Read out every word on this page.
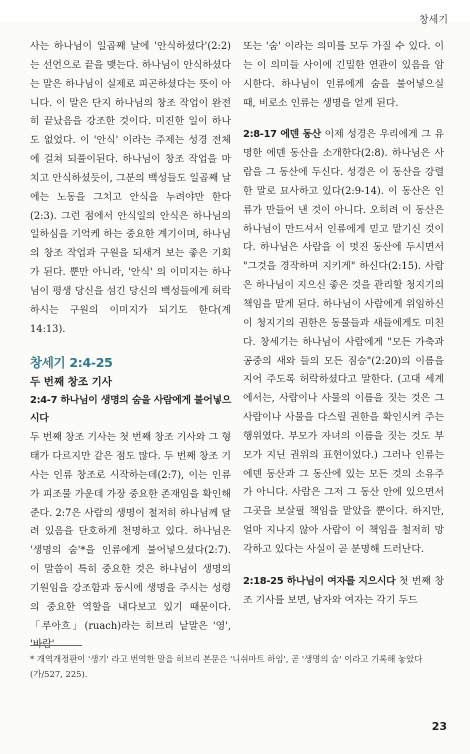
창세기

사는 하나님이 일곱째 날에 '안식하셨다'(2:2)는 선언으로 끝을 맺는다. 하나님이 안식하셨다는 말은 하나님이 실제로 피곤하셨다는 뜻이 아니다. 이 말은 단지 하나님의 창조 작업이 완전히 끝났음을 강조한 것이다. 미진한 일이 하나도 없었다. 이 '안식' 이라는 주제는 성경 전체에 걸쳐 되풀이된다. 하나님이 창조 작업을 마치고 안식하셨듯이, 그분의 백성들도 일곱째 날에는 노동을 그치고 안식을 누려야만 한다(2:3). 그런 점에서 안식일의 안식은 하나님의 일하심을 기억케 하는 중요한 계기이며, 하나님의 창조 작업과 구원을 되새겨 보는 좋은 기회가 된다. 뿐만 아니라, '안식' 의 이미지는 하나님이 평생 당신을 섬긴 당신의 백성들에게 허락하시는 구원의 이미지가 되기도 한다(계 14:13).

창세기 2:4-25
두 번째 창조 기사

2:4-7 하나님이 생명의 숨을 사람에게 불어넣으시다

두 번째 창조 기사는 첫 번째 창조 기사와 그 형태가 다르지만 같은 점도 많다. 두 번째 창조 기사는 인류 창조로 시작하는데(2:7), 이는 인류가 피조물 가운데 가장 중요한 존재임을 확인해 준다. 2:7은 사람의 생명이 철저히 하나님께 달려 있음을 단호하게 천명하고 있다. 하나님은 '생명의 숨'*을 인류에게 불어넣으셨다(2:7). 이 말씀이 특히 중요한 것은 하나님이 생명의 기원임을 강조함과 동시에 생명을 주시는 성령의 중요한 역할을 내다보고 있기 때문이다. 「루아흐」(ruach)라는 히브리 낱말은 '영', '바람'

또는 '숨' 이라는 의미를 모두 가질 수 있다. 이는 이 의미들 사이에 긴밀한 연관이 있음을 암시한다. 하나님이 인류에게 숨을 불어넣으실 때, 비로소 인류는 생명을 얻게 된다.

2:8-17 에덴 동산 이제 성경은 우리에게 그 유명한 에덴 동산을 소개한다(2:8). 하나님은 사람을 그 동산에 두신다. 성경은 이 동산을 강렬한 말로 묘사하고 있다(2:9-14). 이 동산은 인류가 만들어 낸 것이 아니다. 오히려 이 동산은 하나님이 만드셔서 인류에게 믿고 맡기신 것이다. 하나님은 사람을 이 멋진 동산에 두시면서 "그것을 경작하며 지키게" 하신다(2:15). 사람은 하나님이 지으신 좋은 것을 관리할 청지기의 책임을 맡게 된다. 하나님이 사람에게 위임하신 이 청지기의 권한은 동물들과 새들에게도 미친다. 창세기는 하나님이 사람에게 "모든 가축과 공중의 새와 들의 모든 짐승"(2:20)의 이름을 지어 주도록 허락하셨다고 말한다. (고대 세계에서는, 사람이나 사물의 이름을 짓는 것은 그 사람이나 사물을 다스릴 권한을 확인시켜 주는 행위였다. 부모가 자녀의 이름을 짓는 것도 부모가 지닌 권위의 표현이었다.) 그러나 인류는 에덴 동산과 그 동산에 있는 모든 것의 소유주가 아니다. 사람은 그저 그 동산 안에 있으면서 그곳을 보살필 책임을 맡았을 뿐이다. 하지만, 얼마 지나지 않아 사람이 이 책임을 철저히 망각하고 있다는 사실이 곧 분명해 드러난다.

2:18-25 하나님이 여자를 지으시다 첫 번째 창조 기사를 보면, 남자와 여자는 각기 두드

* 개역개정판이 '생기' 라고 번역한 말을 히브리 본문은 '니쉬마트 하임', 곧 '생명의 숨' 이라고 기록해 놓았다(가/527, 225).

23
